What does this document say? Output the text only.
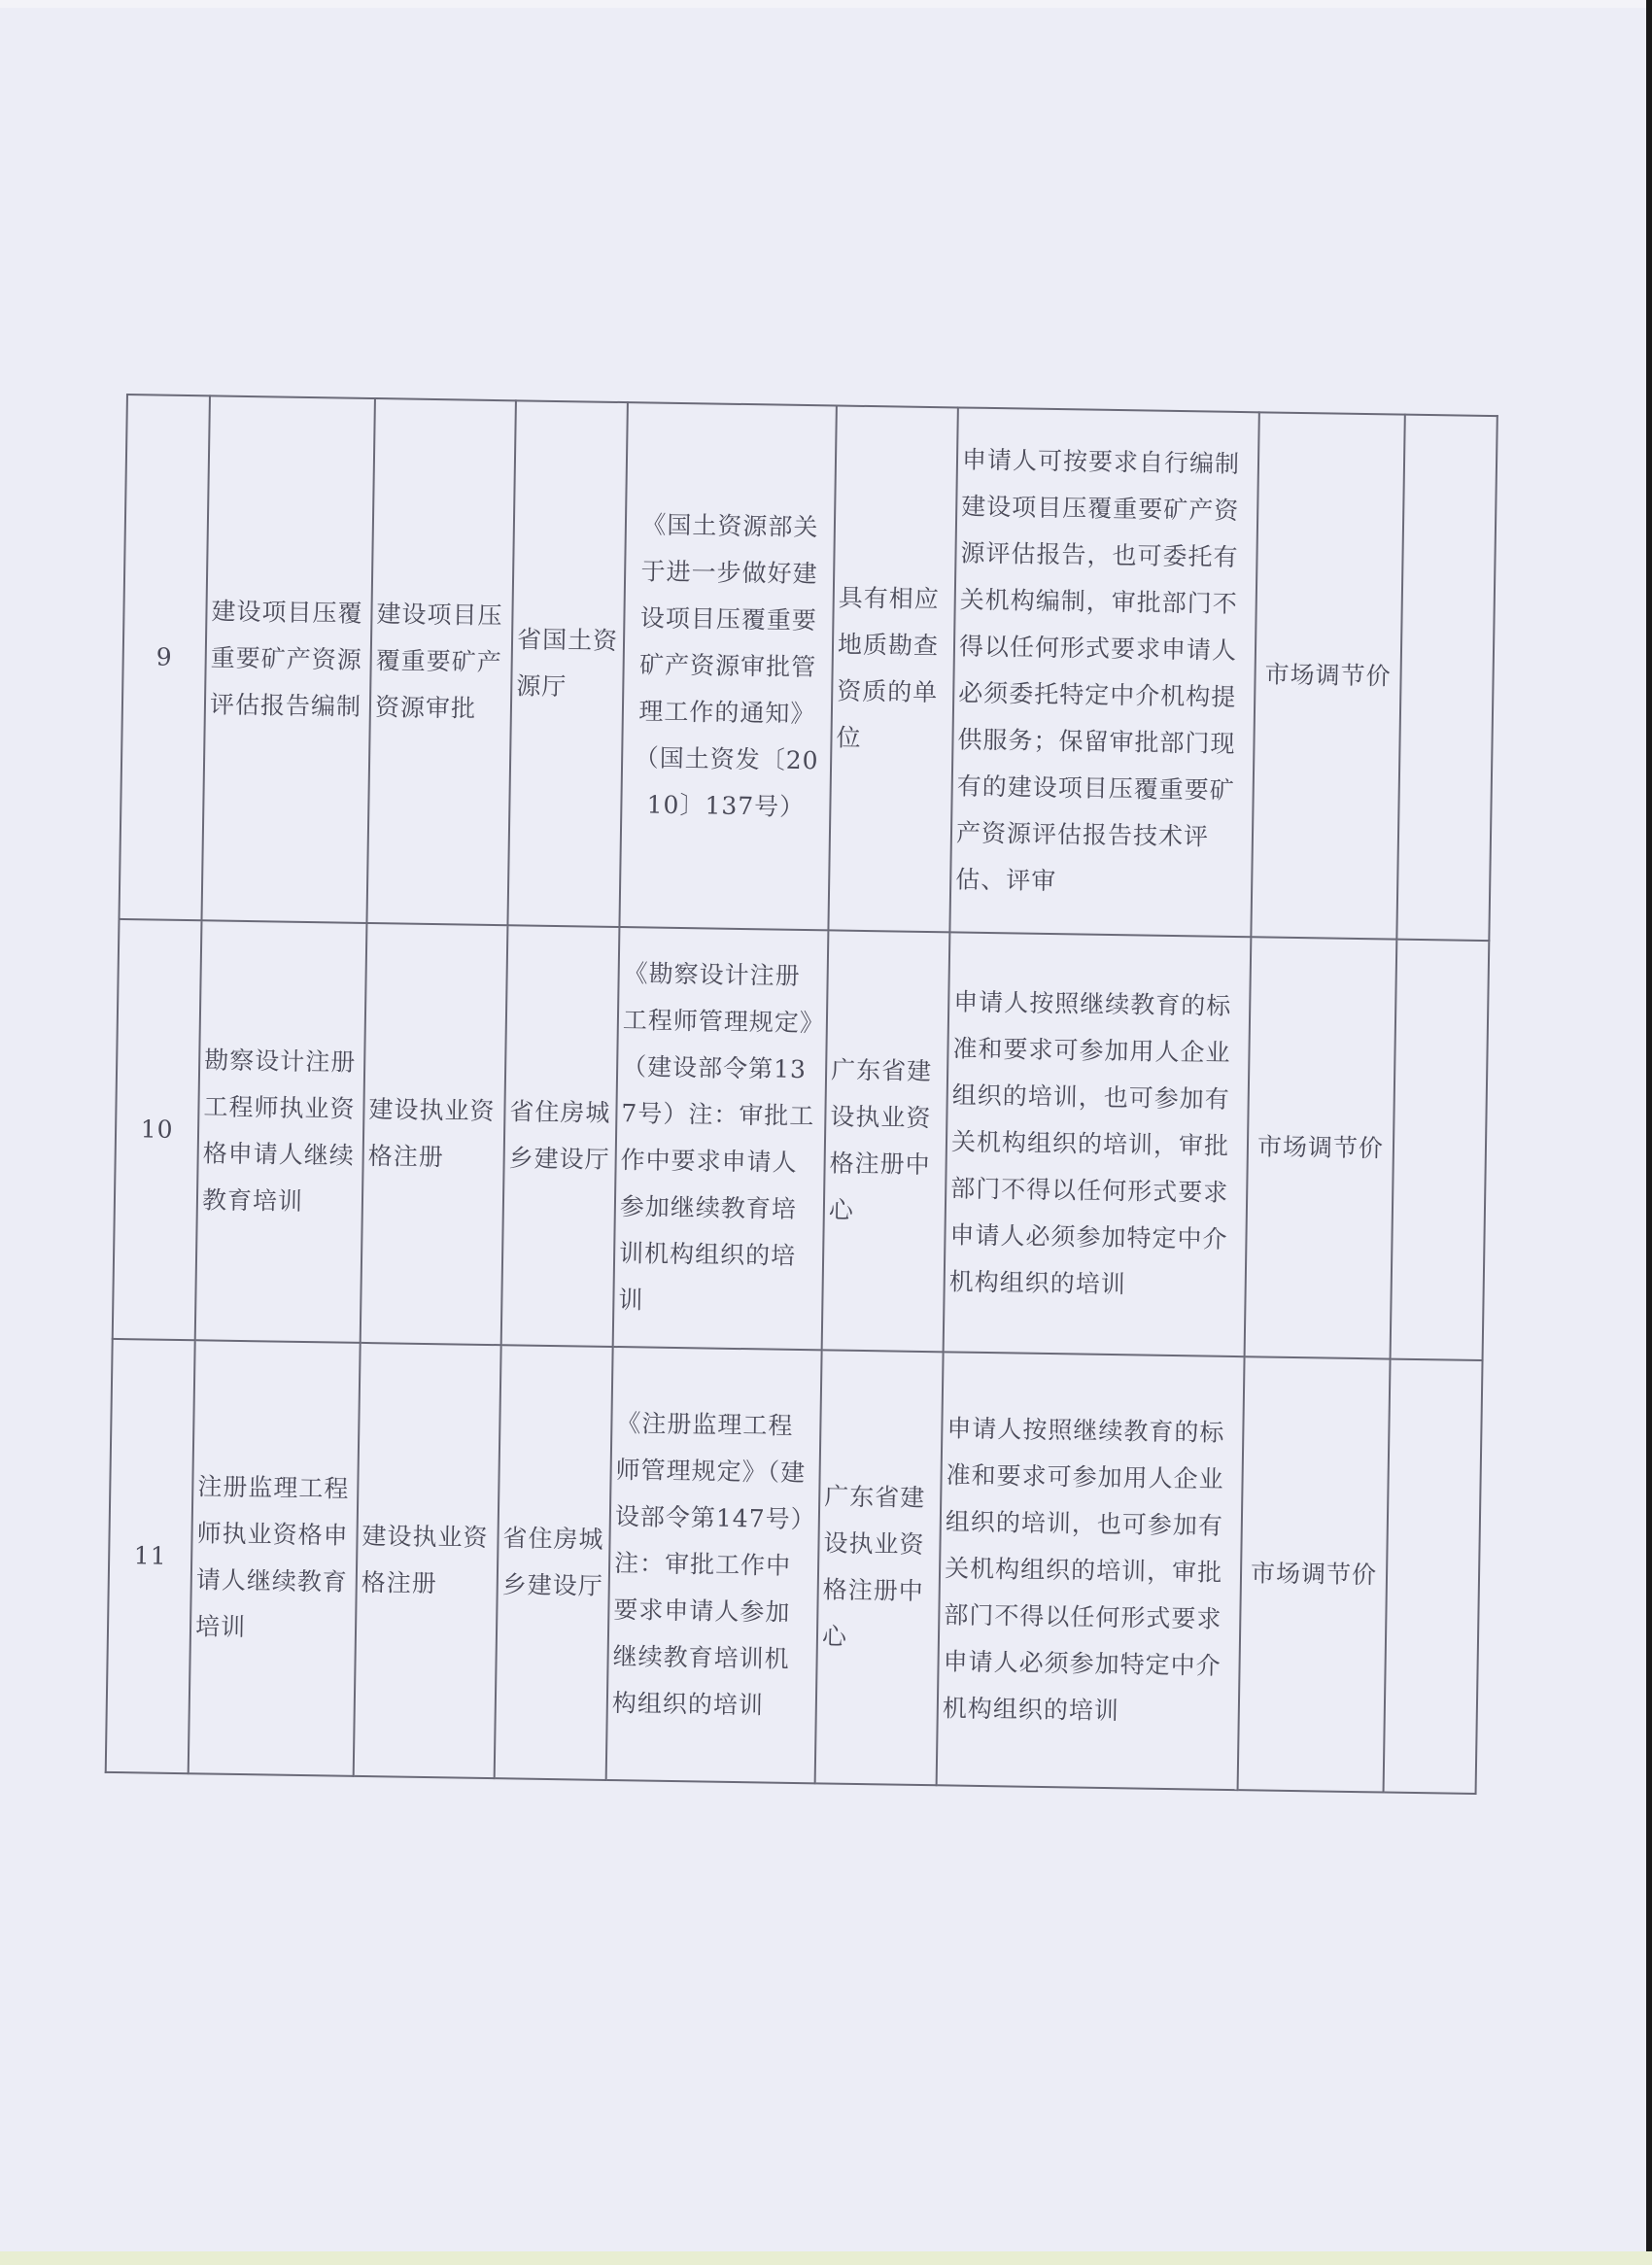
9	建设项目压覆重要矿产资源评估报告编制	建设项目压覆重要矿产资源审批	省国土资源厅	《国土资源部关于进一步做好建设项目压覆重要矿产资源审批管理工作的通知》（国土资发〔2010〕137号）	具有相应地质勘查资质的单位	申请人可按要求自行编制建设项目压覆重要矿产资源评估报告，也可委托有关机构编制，审批部门不得以任何形式要求申请人必须委托特定中介机构提供服务；保留审批部门现有的建设项目压覆重要矿产资源评估报告技术评估、评审	市场调节价	
10	勘察设计注册工程师执业资格申请人继续教育培训	建设执业资格注册	省住房城乡建设厅	《勘察设计注册工程师管理规定》（建设部令第137号）注：审批工作中要求申请人参加继续教育培训机构组织的培训	广东省建设执业资格注册中心	申请人按照继续教育的标准和要求可参加用人企业组织的培训，也可参加有关机构组织的培训，审批部门不得以任何形式要求申请人必须参加特定中介机构组织的培训	市场调节价	
11	注册监理工程师执业资格申请人继续教育培训	建设执业资格注册	省住房城乡建设厅	《注册监理工程师管理规定》（建设部令第147号）注：审批工作中要求申请人参加继续教育培训机构组织的培训	广东省建设执业资格注册中心	申请人按照继续教育的标准和要求可参加用人企业组织的培训，也可参加有关机构组织的培训，审批部门不得以任何形式要求申请人必须参加特定中介机构组织的培训	市场调节价	
